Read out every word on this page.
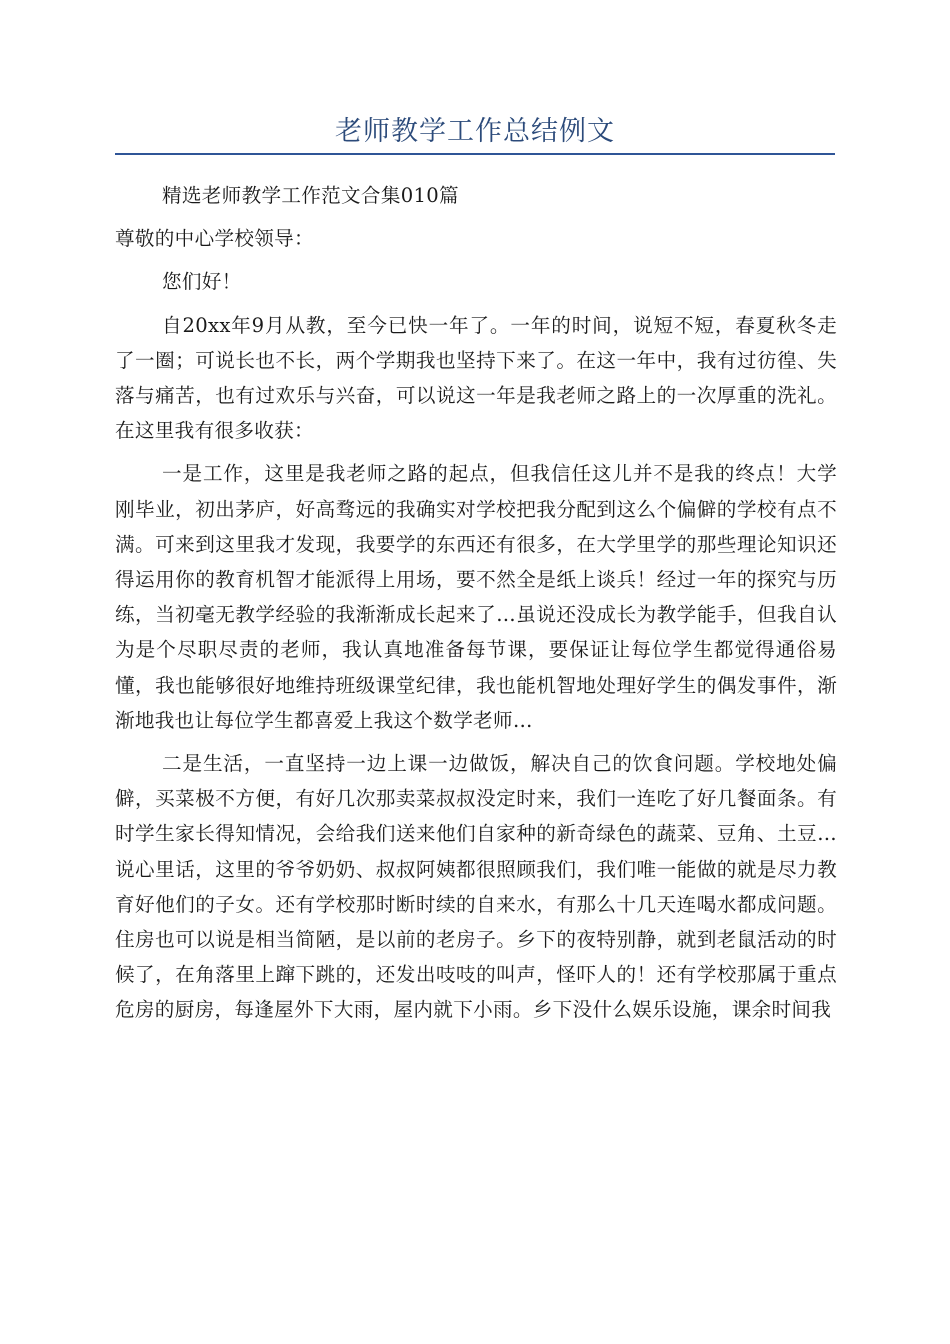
老师教学工作总结例文

精选老师教学工作范文合集010篇

尊敬的中心学校领导：

您们好！

自20xx年9月从教，至今已快一年了。一年的时间，说短不短，春夏秋冬走了一圈；可说长也不长，两个学期我也坚持下来了。在这一年中，我有过彷徨、失落与痛苦，也有过欢乐与兴奋，可以说这一年是我老师之路上的一次厚重的洗礼。在这里我有很多收获：

一是工作，这里是我老师之路的起点，但我信任这儿并不是我的终点！大学刚毕业，初出茅庐，好高骛远的我确实对学校把我分配到这么个偏僻的学校有点不满。可来到这里我才发现，我要学的东西还有很多，在大学里学的那些理论知识还得运用你的教育机智才能派得上用场，要不然全是纸上谈兵！经过一年的探究与历练，当初毫无教学经验的我渐渐成长起来了…虽说还没成长为教学能手，但我自认为是个尽职尽责的老师，我认真地准备每节课，要保证让每位学生都觉得通俗易懂，我也能够很好地维持班级课堂纪律，我也能机智地处理好学生的偶发事件，渐渐地我也让每位学生都喜爱上我这个数学老师…

二是生活，一直坚持一边上课一边做饭，解决自己的饮食问题。学校地处偏僻，买菜极不方便，有好几次那卖菜叔叔没定时来，我们一连吃了好几餐面条。有时学生家长得知情况，会给我们送来他们自家种的新奇绿色的蔬菜、豆角、土豆…说心里话，这里的爷爷奶奶、叔叔阿姨都很照顾我们，我们唯一能做的就是尽力教育好他们的子女。还有学校那时断时续的自来水，有那么十几天连喝水都成问题。住房也可以说是相当简陋，是以前的老房子。乡下的夜特别静，就到老鼠活动的时候了，在角落里上蹿下跳的，还发出吱吱的叫声，怪吓人的！还有学校那属于重点危房的厨房，每逢屋外下大雨，屋内就下小雨。乡下没什么娱乐设施，课余时间我
